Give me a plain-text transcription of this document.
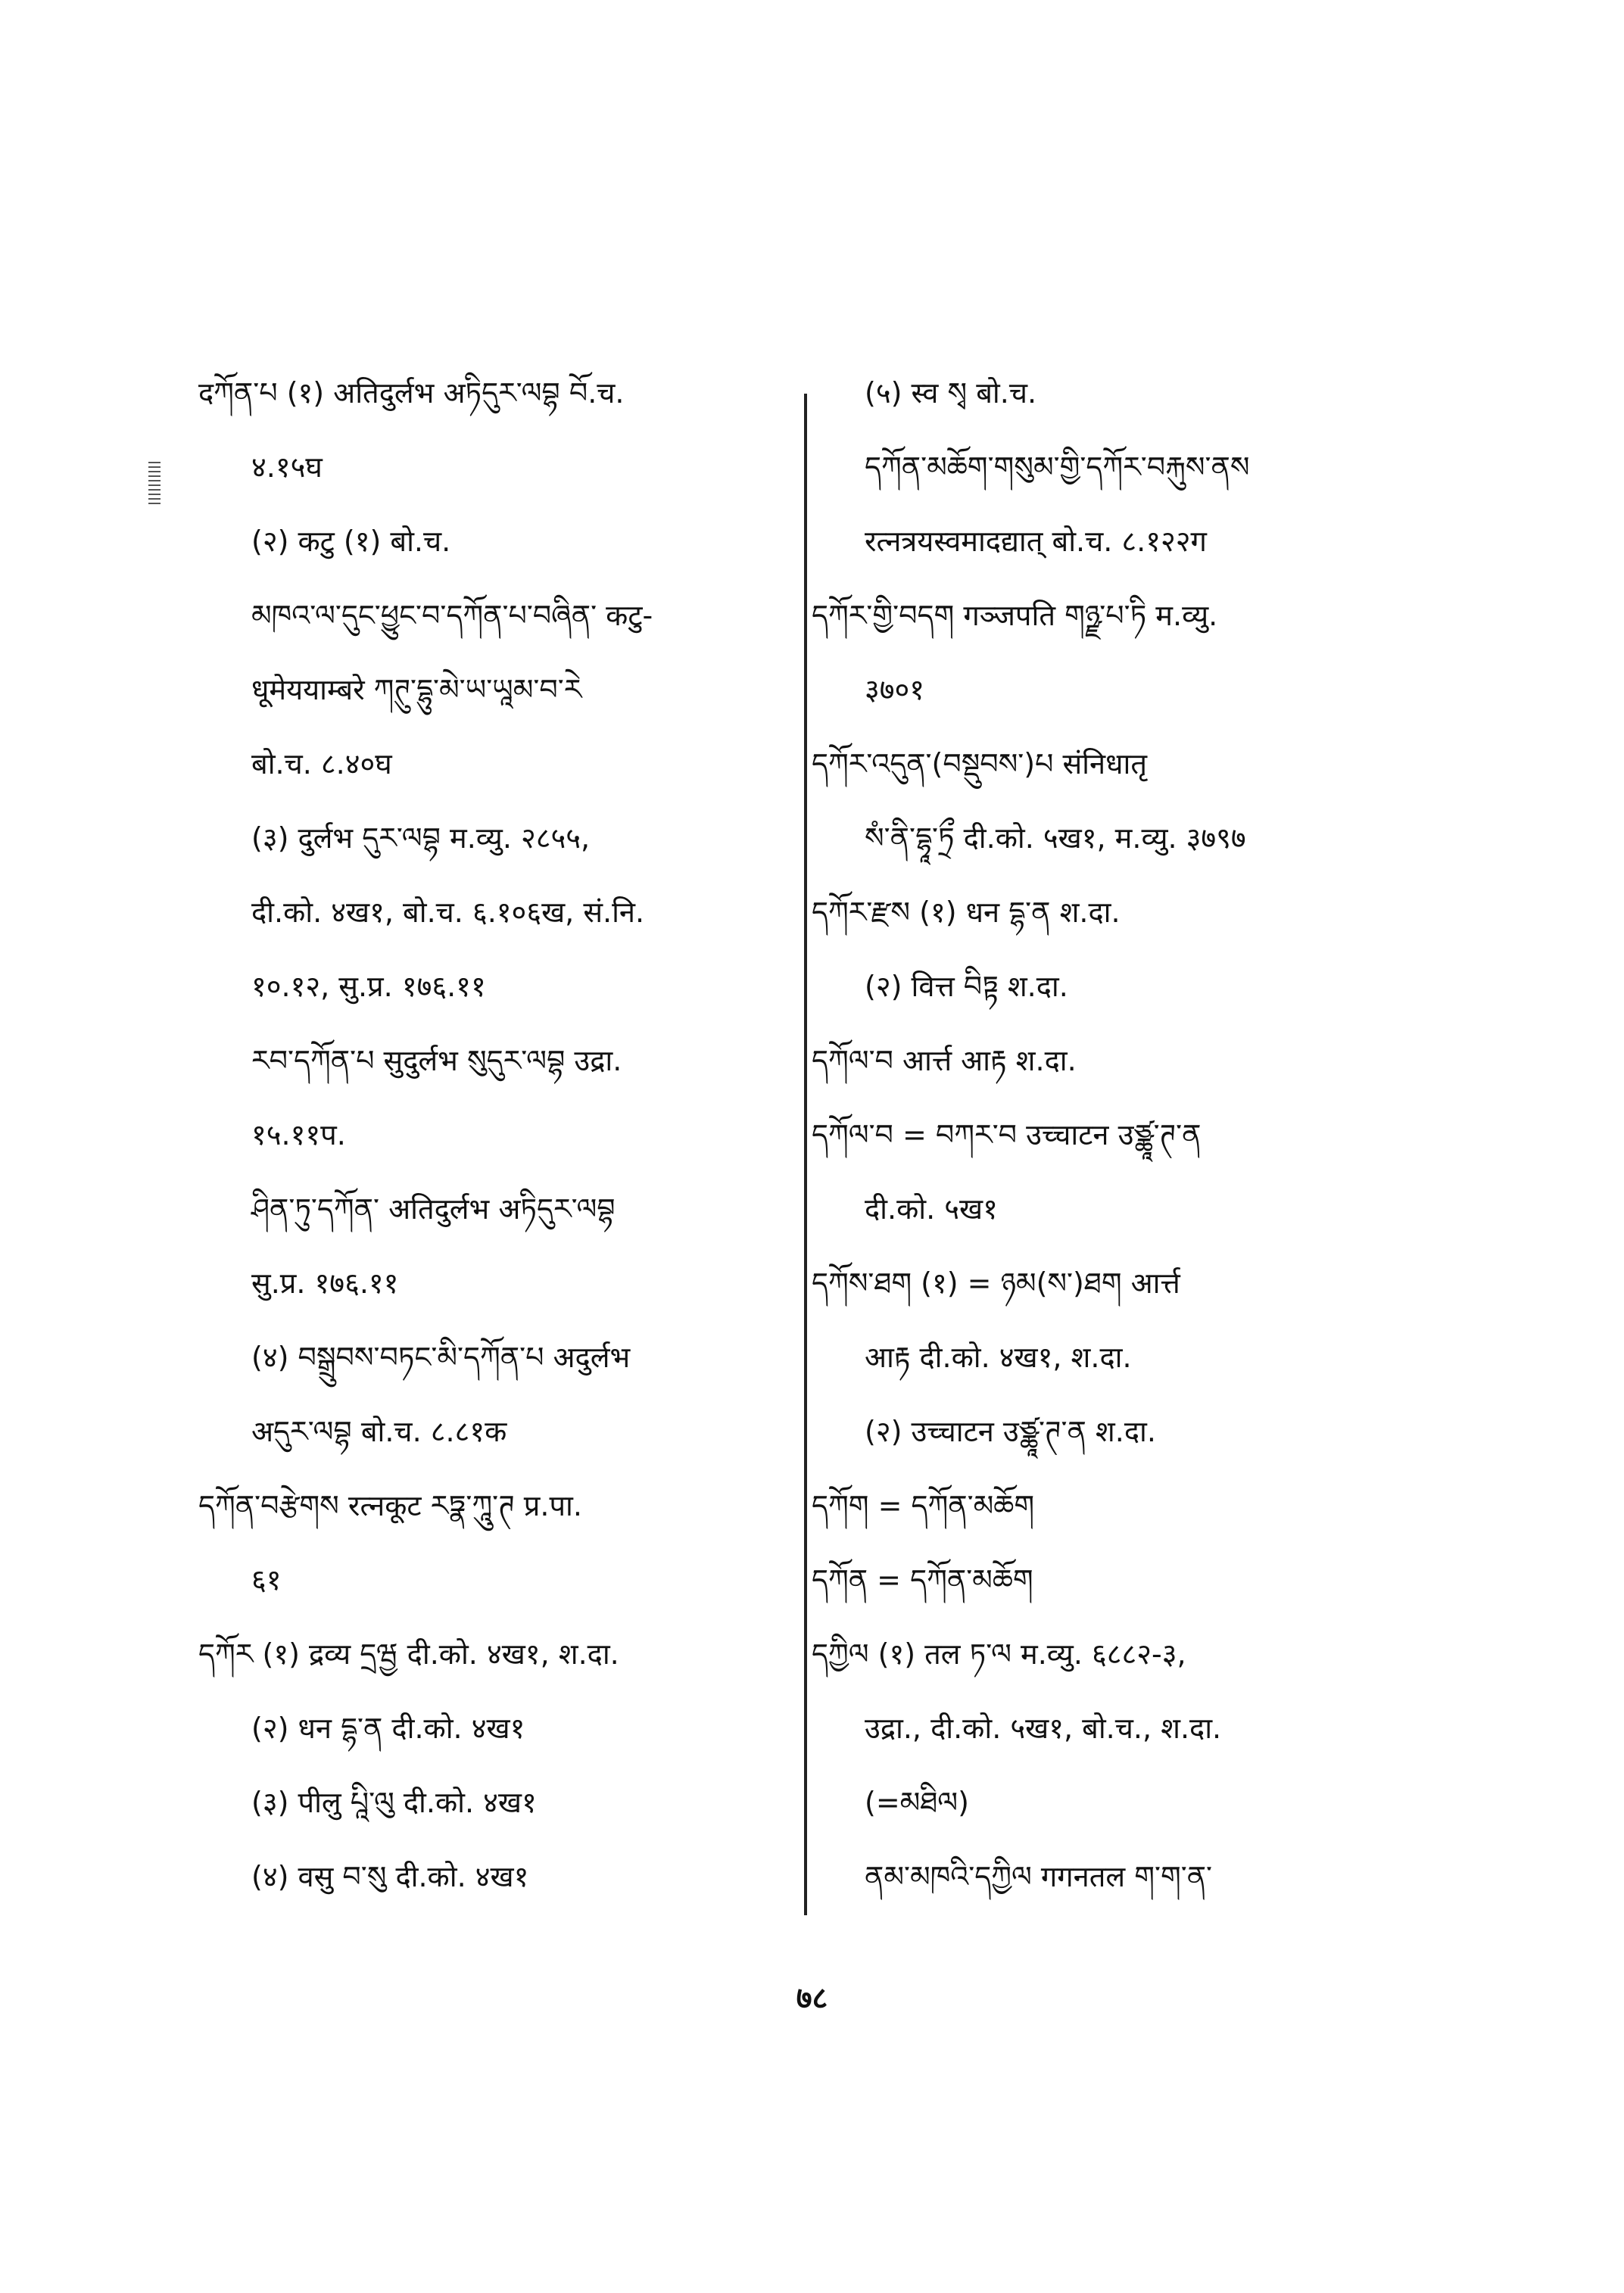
दཀོན་པ (१) अतिदुर्लभ अཏིདུར་ལབྷ བོ.च.
४.१५घ
(२) कटु (१) बो.च.
མཁའ་ལ་དུང་ཕྱུང་བ་དཀོན་པ་བཞིན་ कटु-
धूमेययाम्बरे ཀཊུ་དྷུ་མེ་ཡ་ཡཱམ་བ་རེ
बो.च. ८.४०घ
(३) दुर्लभ དུར་ལབྷ म.व्यु. २८५५,
दी.को. ४ख१, बो.च. ६.१०६ख, सं.नि.
१०.१२, सु.प्र. १७६.११
རབ་དཀོན་པ सुदुर्लभ སུདུར་ལབྷ उद्रा.
१५.११प.
ཤིན་ཏུ་དཀོན་ अतिदुर्लभ अཏིདུར་ལབྷ
सु.प्र. १७६.११
(४) བསྒྲུབས་བཏང་མི་དཀོན་པ अदुर्लभ
अདུར་ལབྷ बो.च. ८.८१क
དཀོན་བརྩེགས रत्नकूट རཏྣ་ཀཱུ་ཊ प्र.पा.
६१
དཀོར (१) द्रव्य དྲཝྱ दी.को. ४ख१, श.दा.
(२) धन དྷ་ན दी.को. ४ख१
(३) पीलु པཱི་ལུ दी.को. ४ख१
(४) वसु བ་སུ दी.को. ४ख१
(५) स्व སྭ बो.च.
དཀོན་མཆོག་གསུམ་གྱི་དཀོར་བརྐུས་ནས
रत्नत्रयस्वमादद्यात् बो.च. ८.१२२ग
དཀོར་གྱི་བདག गञ्जपति གཉྫ་པ་ཏི म.व्यु.
३७०१
དཀོར་འདུན་(བསྡུབས་)པ संनिधातृ
སཾ་ནི་དྷཱ་ཏྲྀ दी.को. ५ख१, म.व्यु. ३७९७
དཀོར་རྫས (१) धन དྷ་ན श.दा.
(२) वित्त བིཏྟ श.दा.
དཀོལ་བ आर्त्त आརྟ श.दा.
དཀོལ་བ = བཀར་བ उच्चाटन उཙྪཱ་ཊ་ན
दी.को. ५ख१
དཀོས་ཐག (१) = ཉམ(ས་)ཐག आर्त्त
आརྟ दी.को. ४ख१, श.दा.
(२) उच्चाटन उཙྪཱ་ཊ་ན श.दा.
དཀོག = དཀོན་མཆོག
དཀོན = དཀོན་མཆོག
དཀྱིལ (१) तल ཏ་ལ म.व्यु. ६८८२-३,
उद्रा., दी.को. ५ख१, बो.च., श.दा.
(=མཐིལ)
ནམ་མཁའི་དཀྱིལ गगनतल ག་ག་ན་
७८
